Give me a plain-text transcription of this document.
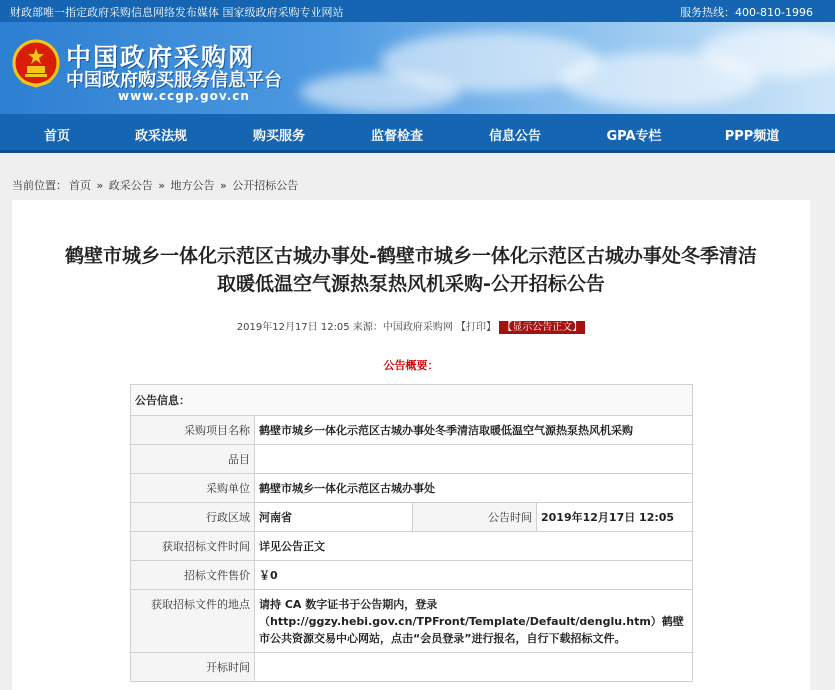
财政部唯一指定政府采购信息网络发布媒体 国家级政府采购专业网站	服务热线：400-810-1996
中国政府采购网
中国政府购买服务信息平台
www.ccgp.gov.cn
首页	政采法规	购买服务	监督检查	信息公告	GPA专栏	PPP频道
当前位置： 首页 » 政采公告 » 地方公告 » 公开招标公告
鹤壁市城乡一体化示范区古城办事处-鹤壁市城乡一体化示范区古城办事处冬季清洁
取暖低温空气源热泵热风机采购-公开招标公告
2019年12月17日 12:05 来源：中国政府采购网 【打印】 【显示公告正文】
公告概要：
公告信息：			
采购项目名称	鹤壁市城乡一体化示范区古城办事处冬季清洁取暖低温空气源热泵热风机采购		
品目			
采购单位	鹤壁市城乡一体化示范区古城办事处		
行政区域	河南省	公告时间	2019年12月17日 12:05
获取招标文件时间	详见公告正文		
招标文件售价	￥0		
获取招标文件的地点	请持 CA 数字证书于公告期内，登录（http://ggzy.hebi.gov.cn/TPFront/Template/Default/denglu.htm）鹤壁市公共资源交易中心网站，点击“会员登录”进行报名，自行下载招标文件。		
开标时间			
